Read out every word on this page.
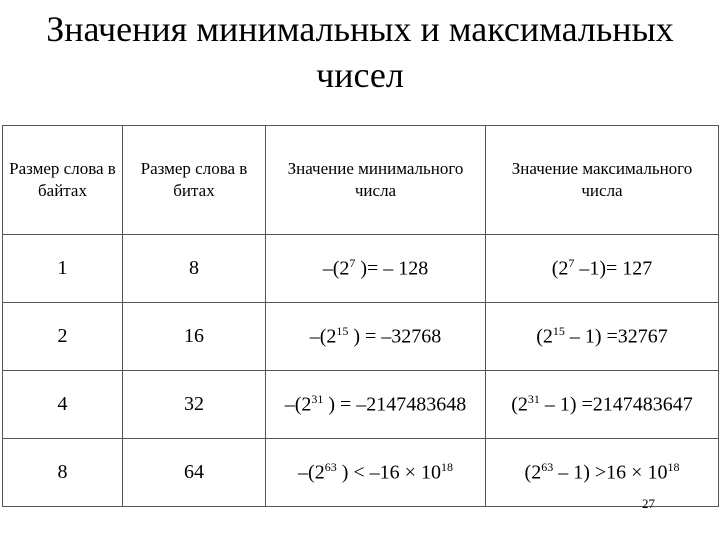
Значения минимальных и максимальных
чисел
Размер слова в байтах	Размер слова в битах	Значение минимального числа	Значение максимального числа
1	8	$-(2^7$ )= – 128	($2^7$ –1)= 127
2	16	$-(2^{15}$ ) = –32768	$(2^{15} - 1) =32767$
4	32	$-(2^{31}$ ) = –2147483648	$(2^{31} - 1) =2147483647$
8	64	$-(2^{63}$ ) < $-16 \times 10^{18}$	$(2^{63} - 1) >16 \times 10^{18}$
27
